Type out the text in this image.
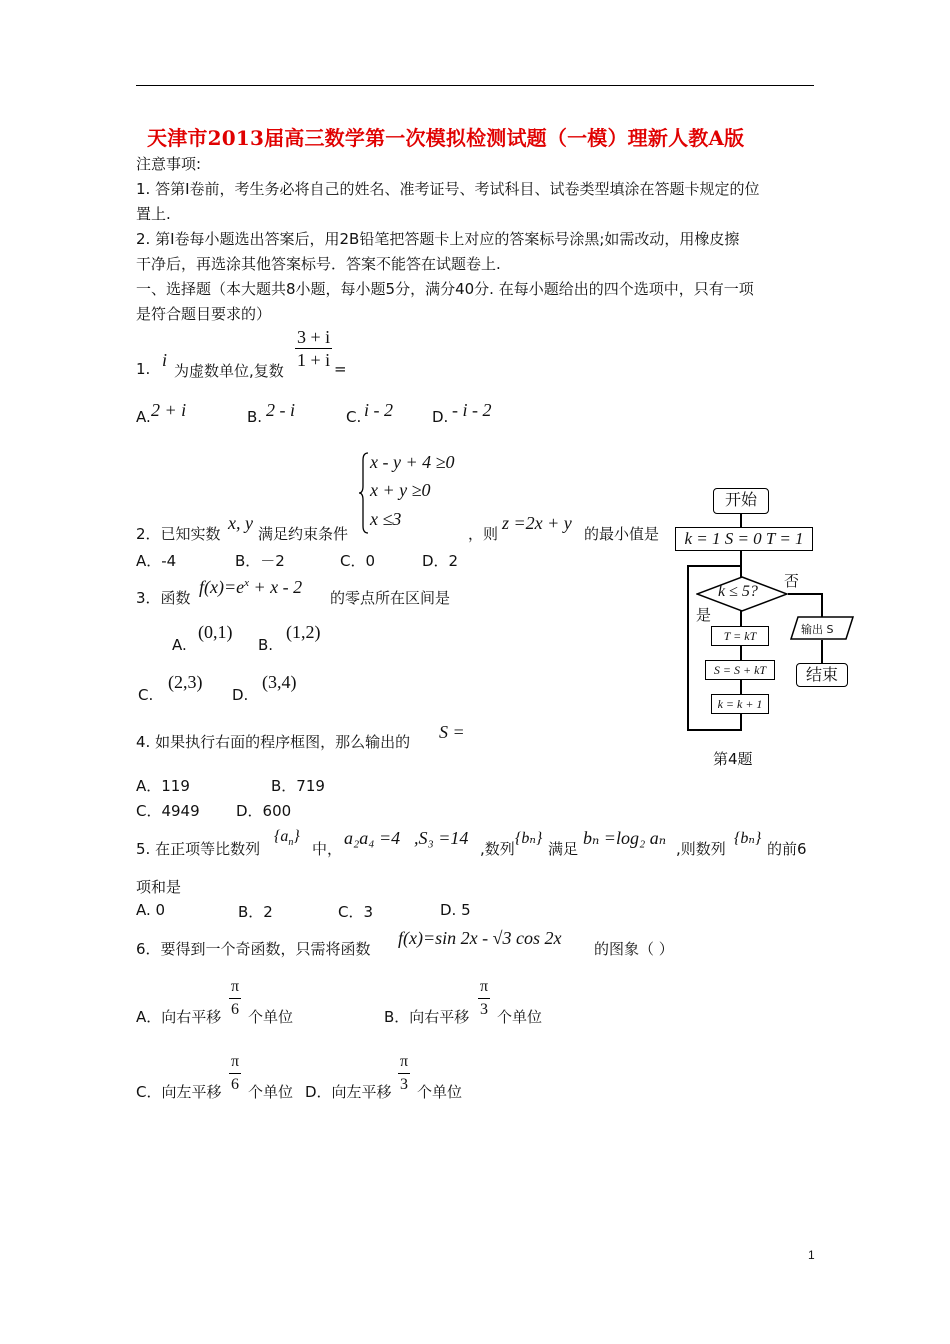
天津市2013届高三数学第一次模拟检测试题（一模）理新人教A版
注意事项:
1. 答第Ⅰ卷前，考生务必将自己的姓名、准考证号、考试科目、试卷类型填涂在答题卡规定的位
置上.
2. 第Ⅰ卷每小题选出答案后，用2B铅笔把答题卡上对应的答案标号涂黑;如需改动，用橡皮擦
干净后，再选涂其他答案标号．答案不能答在试题卷上.
一、选择题（本大题共8小题，每小题5分，满分40分. 在每小题给出的四个选项中，只有一项
是符合题目要求的）
1. i
为虚数单位,复数 $\frac{3 + i}{1 + i}$ =
A. 2 + i	B. 2 - i	C. i - 2	D. - i - 2
2．已知实数
x, y
满足约束条件
x - y + 4 ≥0
x + y ≥0
x ≤3
，则
z =2x + y
的最小值是
A．-4	B．－2	C．0	D．2
3．函数
$f(x)=e^x + x - 2$
的零点所在区间是
A.
(0,1)
B.
(1,2)
C.
(2,3)
D.
(3,4)
4. 如果执行右面的程序框图，那么输出的 S =
A．119	B．719
C．4949 D．600
开始
k = 1 S = 0 T = 1
k ≤ 5?
否
是
输出 S
结束
T = kT
S = S + kT
k = k + 1
第4题
5. 在正项等比数列
$\{a_n\}$
中，
a₂a₄ =4 ,S₃ =14
,数列
{bₙ}
满足
bₙ =log₂ aₙ
,则数列
{bₙ}
的前6
项和是
A. 0	B．2	C．3	D. 5
6．要得到一个奇函数，只需将函数
f(x)=sin 2x - √3 cos 2x
的图象（ ）
A．向右平移 $\frac{\pi}{6}$ 个单位	B．向右平移 $\frac{\pi}{3}$ 个单位
C．向左平移 $\frac{\pi}{6}$ 个单位 D．向左平移 $\frac{\pi}{3}$ 个单位
1
